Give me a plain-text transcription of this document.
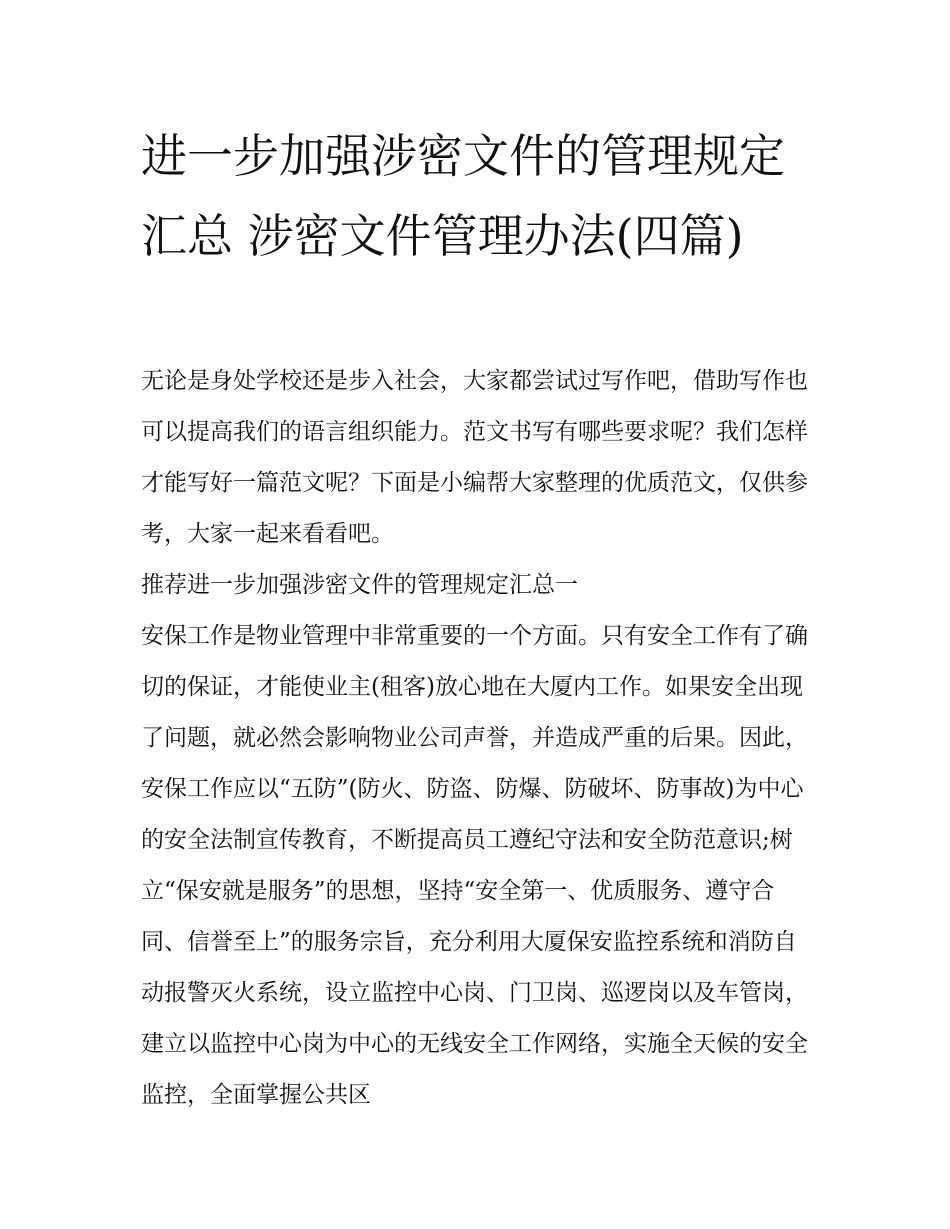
进一步加强涉密文件的管理规定汇总 涉密文件管理办法(四篇)

无论是身处学校还是步入社会，大家都尝试过写作吧，借助写作也可以提高我们的语言组织能力。范文书写有哪些要求呢？我们怎样才能写好一篇范文呢？下面是小编帮大家整理的优质范文，仅供参考，大家一起来看看吧。

推荐进一步加强涉密文件的管理规定汇总一

安保工作是物业管理中非常重要的一个方面。只有安全工作有了确切的保证，才能使业主(租客)放心地在大厦内工作。如果安全出现了问题，就必然会影响物业公司声誉，并造成严重的后果。因此，安保工作应以“五防”(防火、防盗、防爆、防破坏、防事故)为中心的安全法制宣传教育，不断提高员工遵纪守法和安全防范意识;树立“保安就是服务”的思想，坚持“安全第一、优质服务、遵守合同、信誉至上”的服务宗旨，充分利用大厦保安监控系统和消防自动报警灭火系统，设立监控中心岗、门卫岗、巡逻岗以及车管岗，建立以监控中心岗为中心的无线安全工作网络，实施全天候的安全监控，全面掌握公共区
